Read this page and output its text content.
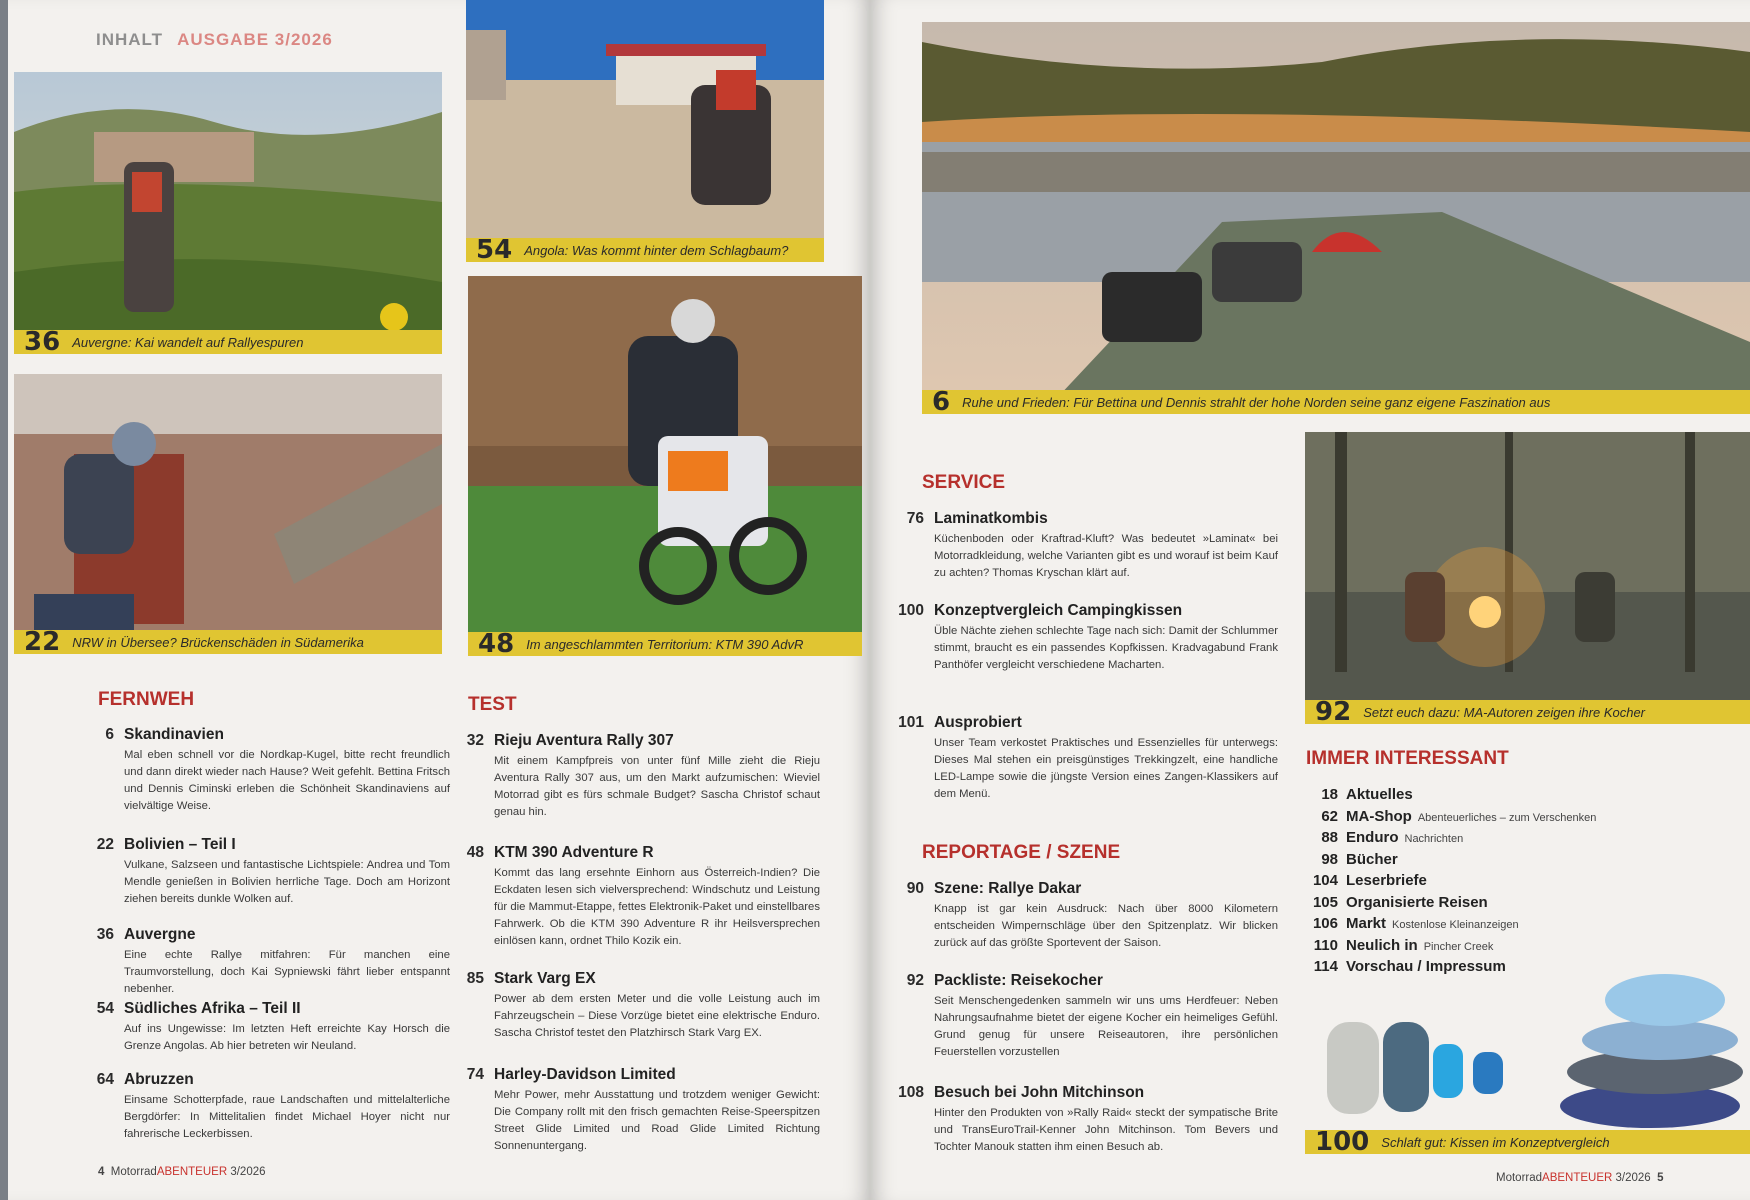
INHALT AUSGABE 3/2026
36 Auvergne: Kai wandelt auf Rallyespuren
54 Angola: Was kommt hinter dem Schlagbaum?
22 NRW in Übersee? Brückenschäden in Südamerika	48 Im angeschlammten Territorium: KTM 390 AdvR
6 Ruhe und Frieden: Für Bettina und Dennis strahlt der hohe Norden seine ganz eigene Faszination aus
92 Setzt euch dazu: MA-Autoren zeigen ihre Kocher
100 Schlaft gut: Kissen im Konzeptvergleich
FERNWEH
6 Skandinavien
Mal eben schnell vor die Nordkap-Kugel, bitte recht freundlich und dann direkt wieder nach Hause? Weit gefehlt. Bettina Fritsch und Dennis Ciminski erleben die Schönheit Skandinaviens auf vielvältige Weise.
22 Bolivien – Teil I
Vulkane, Salzseen und fantastische Lichtspiele: Andrea und Tom Mendle genießen in Bolivien herrliche Tage. Doch am Horizont ziehen bereits dunkle Wolken auf.
36 Auvergne
Eine echte Rallye mitfahren: Für manchen eine Traumvorstellung, doch Kai Sypniewski fährt lieber entspannt nebenher.
54 Südliches Afrika – Teil II
Auf ins Ungewisse: Im letzten Heft erreichte Kay Horsch die Grenze Angolas. Ab hier betreten wir Neuland.
64 Abruzzen
Einsame Schotterpfade, raue Landschaften und mittelalterliche Bergdörfer: In Mittelitalien findet Michael Hoyer nicht nur fahrerische Leckerbissen.
TEST
32 Rieju Aventura Rally 307
Mit einem Kampfpreis von unter fünf Mille zieht die Rieju Aventura Rally 307 aus, um den Markt aufzumischen: Wieviel Motorrad gibt es fürs schmale Budget? Sascha Christof schaut genau hin.
48 KTM 390 Adventure R
Kommt das lang ersehnte Einhorn aus Österreich-Indien? Die Eckdaten lesen sich vielversprechend: Windschutz und Leistung für die Mammut-Etappe, fettes Elektronik-Paket und einstellbares Fahrwerk. Ob die KTM 390 Adventure R ihr Heilsversprechen einlösen kann, ordnet Thilo Kozik ein.
85 Stark Varg EX
Power ab dem ersten Meter und die volle Leistung auch im Fahrzeugschein – Diese Vorzüge bietet eine elektrische Enduro. Sascha Christof testet den Platzhirsch Stark Varg EX.
74 Harley-Davidson Limited
Mehr Power, mehr Ausstattung und trotzdem weniger Gewicht: Die Company rollt mit den frisch gemachten Reise-Speerspitzen Street Glide Limited und Road Glide Limited Richtung Sonnenuntergang.
SERVICE
76 Laminatkombis
Küchenboden oder Kraftrad-Kluft? Was bedeutet »Laminat« bei Motorradkleidung, welche Varianten gibt es und worauf ist beim Kauf zu achten? Thomas Kryschan klärt auf.
100 Konzeptvergleich Campingkissen
Üble Nächte ziehen schlechte Tage nach sich: Damit der Schlummer stimmt, braucht es ein passendes Kopfkissen. Kradvagabund Frank Panthöfer vergleicht verschiedene Macharten.
101 Ausprobiert
Unser Team verkostet Praktisches und Essenzielles für unterwegs: Dieses Mal stehen ein preisgünstiges Trekkingzelt, eine handliche LED-Lampe sowie die jüngste Version eines Zangen-Klassikers auf dem Menü.
REPORTAGE / SZENE
90 Szene: Rallye Dakar
Knapp ist gar kein Ausdruck: Nach über 8000 Kilometern entscheiden Wimpernschläge über den Spitzenplatz. Wir blicken zurück auf das größte Sportevent der Saison.
92 Packliste: Reisekocher
Seit Menschengedenken sammeln wir uns ums Herdfeuer: Neben Nahrungsaufnahme bietet der eigene Kocher ein heimeliges Gefühl. Grund genug für unsere Reiseautoren, ihre persönlichen Feuerstellen vorzustellen
108 Besuch bei John Mitchinson
Hinter den Produkten von »Rally Raid« steckt der sympatische Brite und TransEuroTrail-Kenner John Mitchinson. Tom Bevers und Tochter Manouk statten ihm einen Besuch ab.
IMMER INTERESSANT
18 Aktuelles
62 MA-Shop Abenteuerliches – zum Verschenken
88 Enduro Nachrichten
98 Bücher
104 Leserbriefe
105 Organisierte Reisen
106 Markt Kostenlose Kleinanzeigen
110 Neulich in Pincher Creek
114 Vorschau / Impressum
4 MotorradABENTEUER 3/2026	MotorradABENTEUER 3/2026 5
